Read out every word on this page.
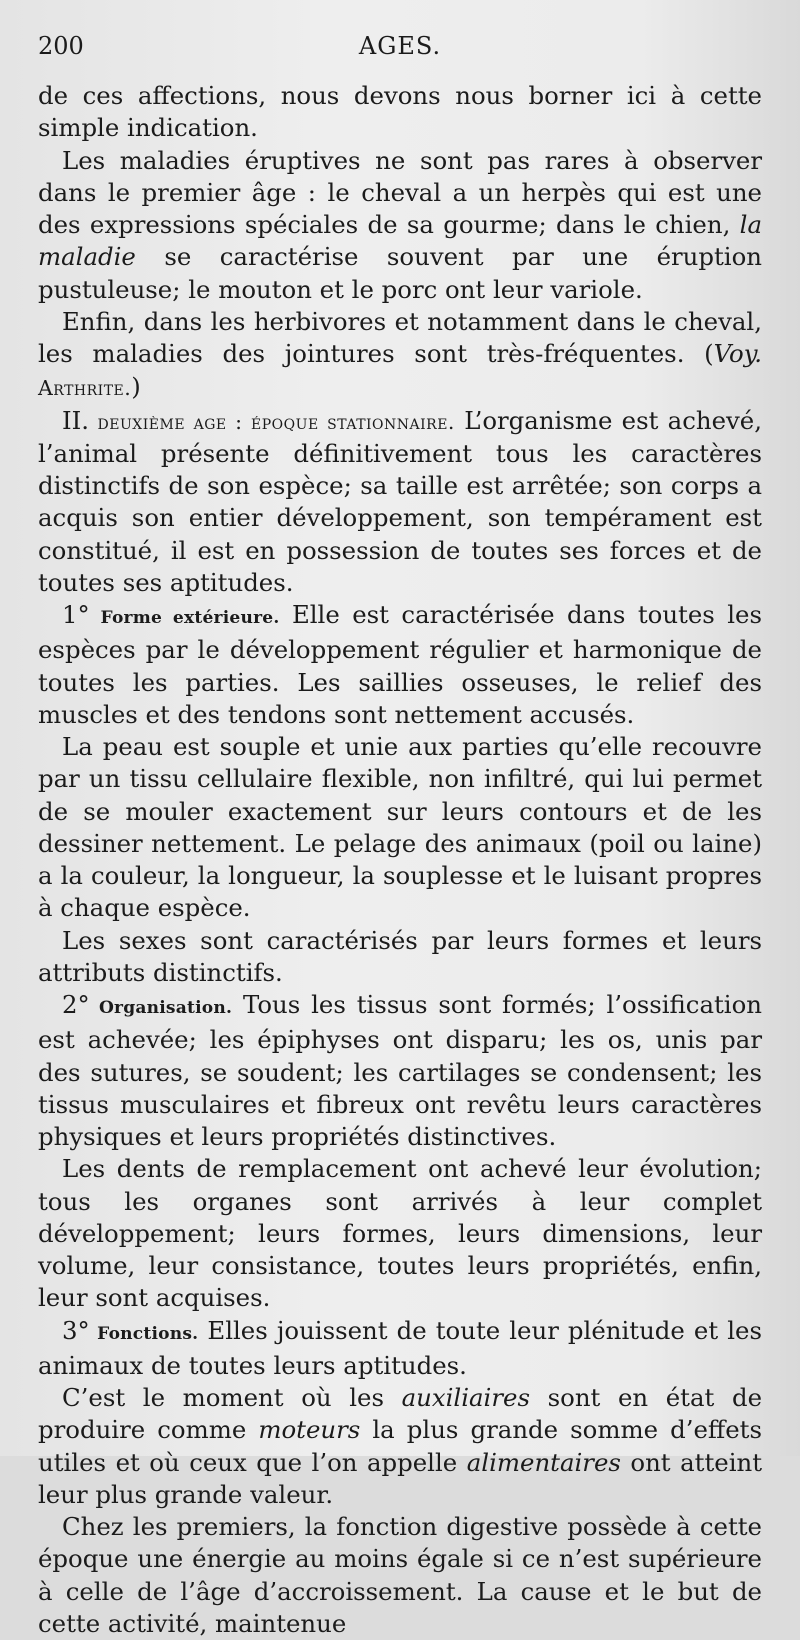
200	AGES.

de ces affections, nous devons nous borner ici à cette simple indication.

Les maladies éruptives ne sont pas rares à observer dans le premier âge : le cheval a un herpès qui est une des expressions spéciales de sa gourme; dans le chien, la maladie se caractérise souvent par une éruption pustuleuse; le mouton et le porc ont leur variole.

Enfin, dans les herbivores et notamment dans le cheval, les maladies des jointures sont très-fréquentes. (Voy. Arthrite.)

II. deuxième age : époque stationnaire. L’organisme est achevé, l’animal présente définitivement tous les caractères distinctifs de son espèce; sa taille est arrêtée; son corps a acquis son entier développement, son tempérament est constitué, il est en possession de toutes ses forces et de toutes ses aptitudes.

1° Forme extérieure. Elle est caractérisée dans toutes les espèces par le développement régulier et harmonique de toutes les parties. Les saillies osseuses, le relief des muscles et des tendons sont nettement accusés.

La peau est souple et unie aux parties qu’elle recouvre par un tissu cellulaire flexible, non infiltré, qui lui permet de se mouler exactement sur leurs contours et de les dessiner nettement. Le pelage des animaux (poil ou laine) a la couleur, la longueur, la souplesse et le luisant propres à chaque espèce.

Les sexes sont caractérisés par leurs formes et leurs attributs distinctifs.

2° Organisation. Tous les tissus sont formés; l’ossification est achevée; les épiphyses ont disparu; les os, unis par des sutures, se soudent; les cartilages se condensent; les tissus musculaires et fibreux ont revêtu leurs caractères physiques et leurs propriétés distinctives.

Les dents de remplacement ont achevé leur évolution; tous les organes sont arrivés à leur complet développement; leurs formes, leurs dimensions, leur volume, leur consistance, toutes leurs propriétés, enfin, leur sont acquises.

3° Fonctions. Elles jouissent de toute leur plénitude et les animaux de toutes leurs aptitudes.

C’est le moment où les auxiliaires sont en état de produire comme moteurs la plus grande somme d’effets utiles et où ceux que l’on appelle alimentaires ont atteint leur plus grande valeur.

Chez les premiers, la fonction digestive possède à cette époque une énergie au moins égale si ce n’est supérieure à celle de l’âge d’accroissement. La cause et le but de cette activité, maintenue
